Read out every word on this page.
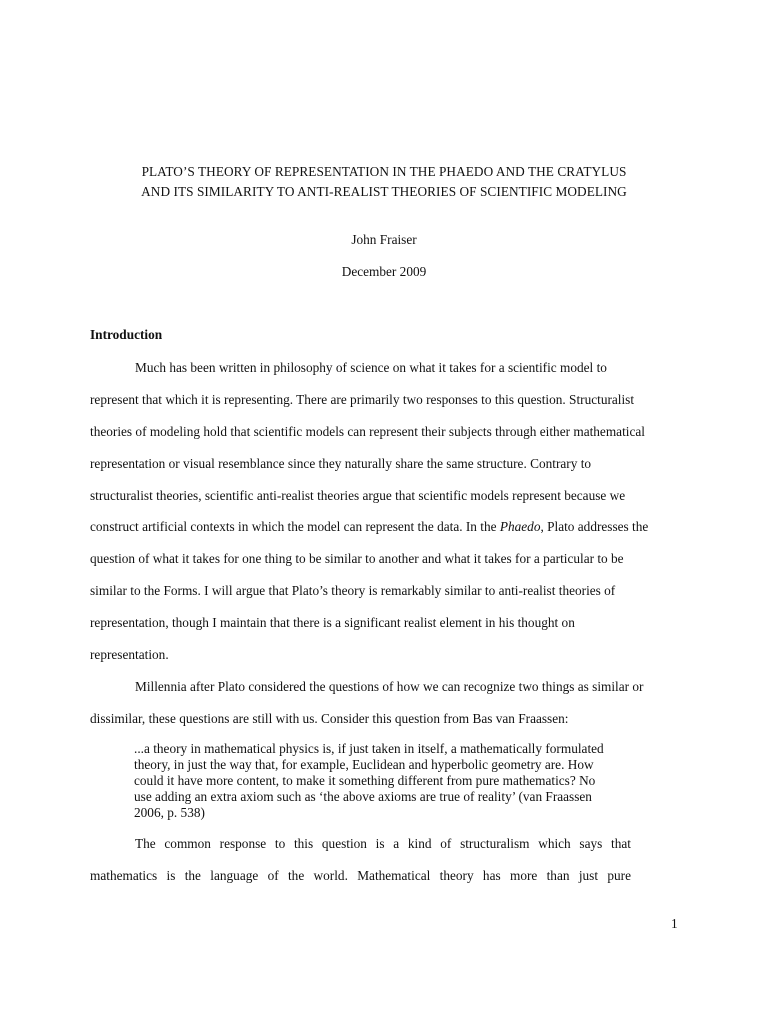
PLATO’S THEORY OF REPRESENTATION IN THE PHAEDO AND THE CRATYLUS
AND ITS SIMILARITY TO ANTI-REALIST THEORIES OF SCIENTIFIC MODELING
John Fraiser
December 2009
Introduction
Much has been written in philosophy of science on what it takes for a scientific model to
represent that which it is representing. There are primarily two responses to this question. Structuralist
theories of modeling hold that scientific models can represent their subjects through either mathematical
representation or visual resemblance since they naturally share the same structure. Contrary to
structuralist theories, scientific anti-realist theories argue that scientific models represent because we
construct artificial contexts in which the model can represent the data. In the Phaedo, Plato addresses the
question of what it takes for one thing to be similar to another and what it takes for a particular to be
similar to the Forms. I will argue that Plato’s theory is remarkably similar to anti-realist theories of
representation, though I maintain that there is a significant realist element in his thought on
representation.
Millennia after Plato considered the questions of how we can recognize two things as similar or
dissimilar, these questions are still with us. Consider this question from Bas van Fraassen:
...a theory in mathematical physics is, if just taken in itself, a mathematically formulated
theory, in just the way that, for example, Euclidean and hyperbolic geometry are. How
could it have more content, to make it something different from pure mathematics? No
use adding an extra axiom such as ‘the above axioms are true of reality’ (van Fraassen
2006, p. 538)
The common response to this question is a kind of structuralism which says that
mathematics is the language of the world. Mathematical theory has more than just pure
1
